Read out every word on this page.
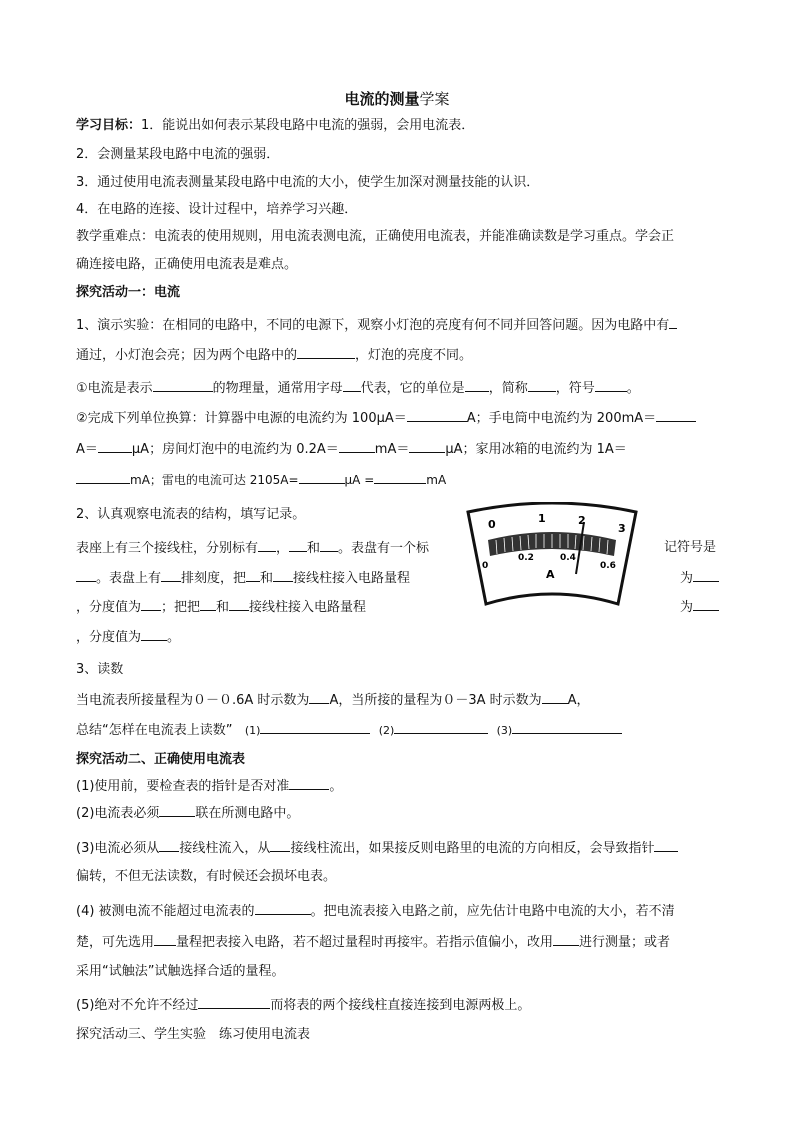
电流的测量学案
学习目标：1．能说出如何表示某段电路中电流的强弱，会用电流表．
2．会测量某段电路中电流的强弱．
3．通过使用电流表测量某段电路中电流的大小，使学生加深对测量技能的认识．
4．在电路的连接、设计过程中，培养学习兴趣．
教学重难点：电流表的使用规则，用电流表测电流，正确使用电流表，并能准确读数是学习重点。学会正
确连接电路，正确使用电流表是难点。
探究活动一：电流
1、演示实验：在相同的电路中，不同的电源下，观察小灯泡的亮度有何不同并回答问题。因为电路中有
通过，小灯泡会亮；因为两个电路中的	，灯泡的亮度不同。
①电流是表示	的物理量，通常用字母 代表，它的单位是 ，简称 ，符号 。
②完成下列单位换算：计算器中电源的电流约为 100μA＝	A；手电筒中电流约为 200mA＝
A＝	μA；房间灯泡中的电流约为 0.2A＝	mA＝	μA；家用冰箱的电流约为 1A＝
mA；雷电的电流可达 2105A=	μA =	mA
2、认真观察电流表的结构，填写记录。
表座上有三个接线柱，分别标有 ， 和 。表盘有一个标	记符号是
。表盘上有 排刻度，把 和 接线柱接入电路量程	为
，分度值为 ；把把 和 接线柱接入电路量程	为
，分度值为 。
0	1	2
3
0
0.2	0.4
0.6
A
3、读数
当电流表所接量程为０－０.6A 时示数为 A，当所接的量程为０－3A 时示数为 A，
总结“怎样在电流表上读数” (1)	(2)	(3)
探究活动二、正确使用电流表
(1)使用前，要检查表的指针是否对准	。
(2)电流表必须	联在所测电路中。
(3)电流必须从 接线柱流入，从 接线柱流出，如果接反则电路里的电流的方向相反，会导致指针
偏转，不但无法读数，有时候还会损坏电表。
(4) 被测电流不能超过电流表的	。把电流表接入电路之前，应先估计电路中电流的大小，若不清
楚，可先选用 量程把表接入电路，若不超过量程时再接牢。若指示值偏小，改用 进行测量；或者
采用“试触法”试触选择合适的量程。
(5)绝对不允许不经过	而将表的两个接线柱直接连接到电源两极上。
探究活动三、学生实验　练习使用电流表
